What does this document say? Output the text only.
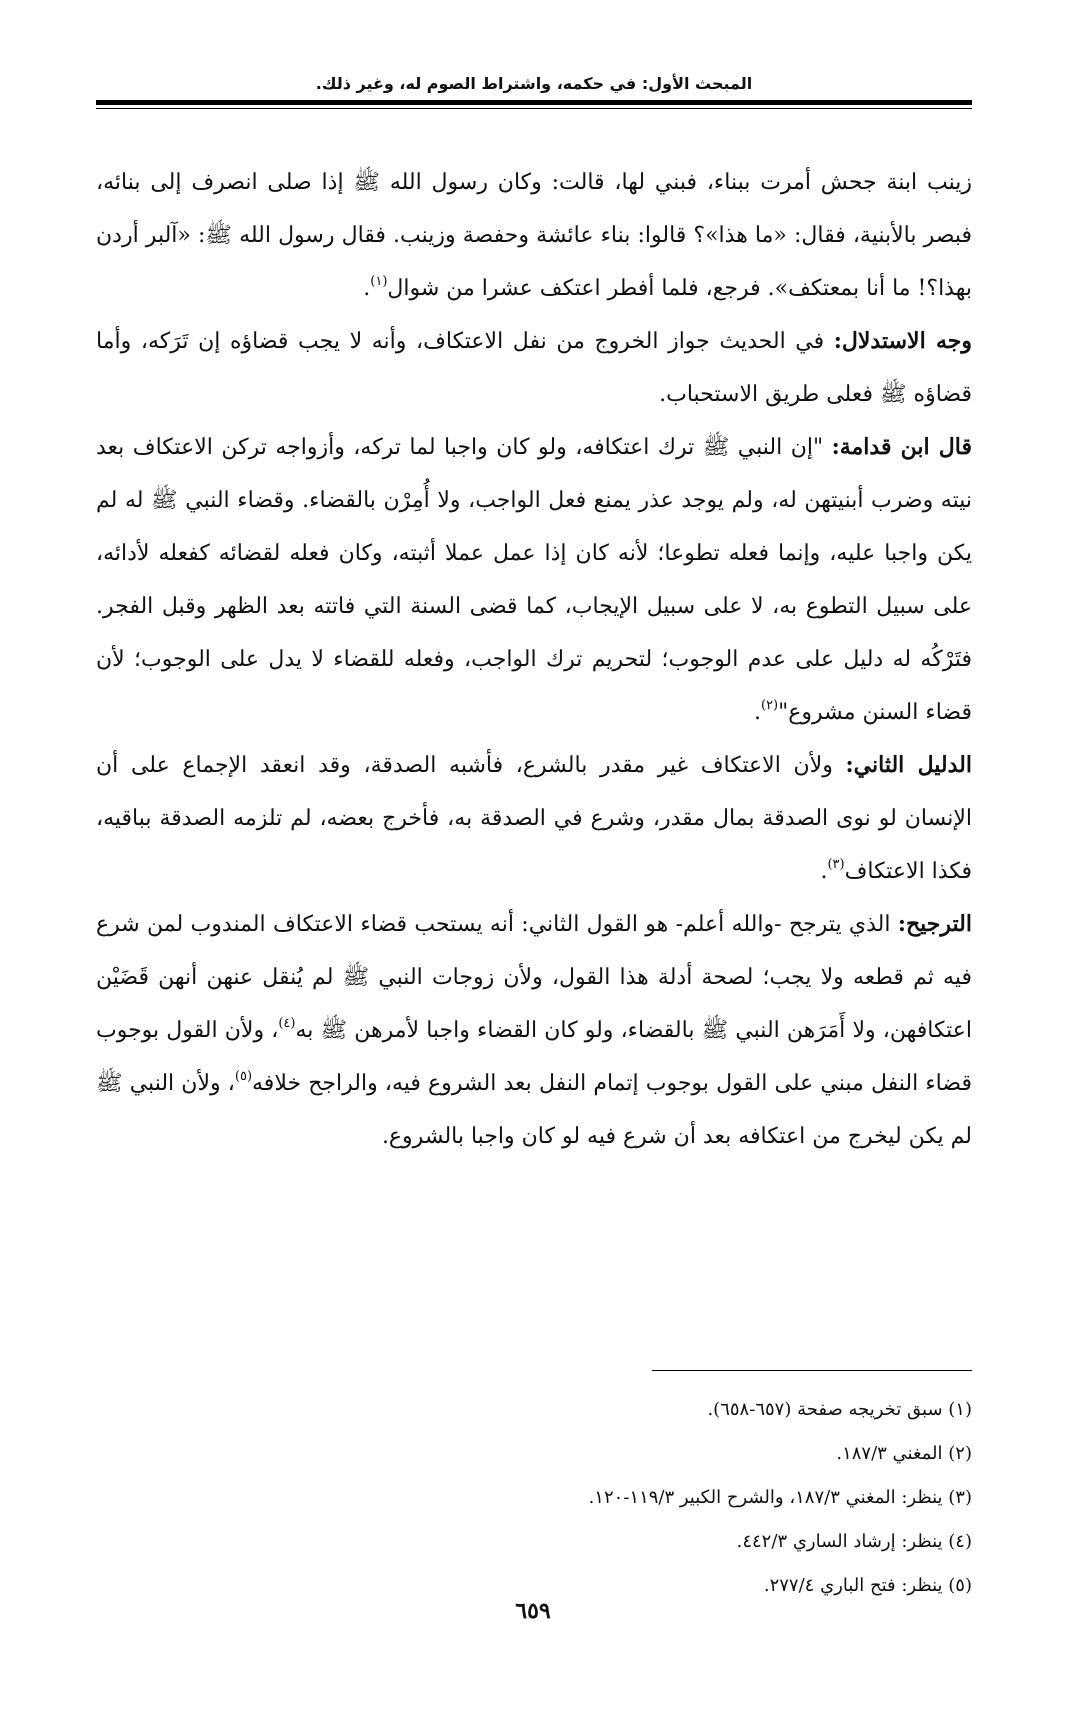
المبحث الأول: في حكمه، واشتراط الصوم له، وغير ذلك.

زينب ابنة جحش أمرت ببناء، فبني لها، قالت: وكان رسول الله ﷺ إذا صلى انصرف إلى بنائه، فبصر بالأبنية، فقال: «ما هذا»؟ قالوا: بناء عائشة وحفصة وزينب. فقال رسول الله ﷺ: «آلبر أردن بهذا؟! ما أنا بمعتكف». فرجع، فلما أفطر اعتكف عشرا من شوال$^{(١)}$.

وجه الاستدلال: في الحديث جواز الخروج من نفل الاعتكاف، وأنه لا يجب قضاؤه إن تَرَكه، وأما قضاؤه ﷺ فعلى طريق الاستحباب.

قال ابن قدامة: "إن النبي ﷺ ترك اعتكافه، ولو كان واجبا لما تركه، وأزواجه تركن الاعتكاف بعد نيته وضرب أبنيتهن له، ولم يوجد عذر يمنع فعل الواجب، ولا أُمِرْن بالقضاء. وقضاء النبي ﷺ له لم يكن واجبا عليه، وإنما فعله تطوعا؛ لأنه كان إذا عمل عملا أثبته، وكان فعله لقضائه كفعله لأدائه، على سبيل التطوع به، لا على سبيل الإيجاب، كما قضى السنة التي فاتته بعد الظهر وقبل الفجر. فتَرْكُه له دليل على عدم الوجوب؛ لتحريم ترك الواجب، وفعله للقضاء لا يدل على الوجوب؛ لأن قضاء السنن مشروع"$^{(٢)}$.

الدليل الثاني: ولأن الاعتكاف غير مقدر بالشرع، فأشبه الصدقة، وقد انعقد الإجماع على أن الإنسان لو نوى الصدقة بمال مقدر، وشرع في الصدقة به، فأخرج بعضه، لم تلزمه الصدقة بباقيه، فكذا الاعتكاف$^{(٣)}$.

الترجيح: الذي يترجح -والله أعلم- هو القول الثاني: أنه يستحب قضاء الاعتكاف المندوب لمن شرع فيه ثم قطعه ولا يجب؛ لصحة أدلة هذا القول، ولأن زوجات النبي ﷺ لم يُنقل عنهن أنهن قَضَيْن اعتكافهن، ولا أَمَرَهن النبي ﷺ بالقضاء، ولو كان القضاء واجبا لأمرهن ﷺ به$^{(٤)}$، ولأن القول بوجوب قضاء النفل مبني على القول بوجوب إتمام النفل بعد الشروع فيه، والراجح خلافه$^{(٥)}$، ولأن النبي ﷺ لم يكن ليخرج من اعتكافه بعد أن شرع فيه لو كان واجبا بالشروع.

(١) سبق تخريجه صفحة (٦٥٧-٦٥٨).
(٢) المغني ١٨٧/٣.
(٣) ينظر: المغني ١٨٧/٣، والشرح الكبير ١١٩/٣-١٢٠.
(٤) ينظر: إرشاد الساري ٤٤٢/٣.
(٥) ينظر: فتح الباري ٢٧٧/٤.
٦٥٩
